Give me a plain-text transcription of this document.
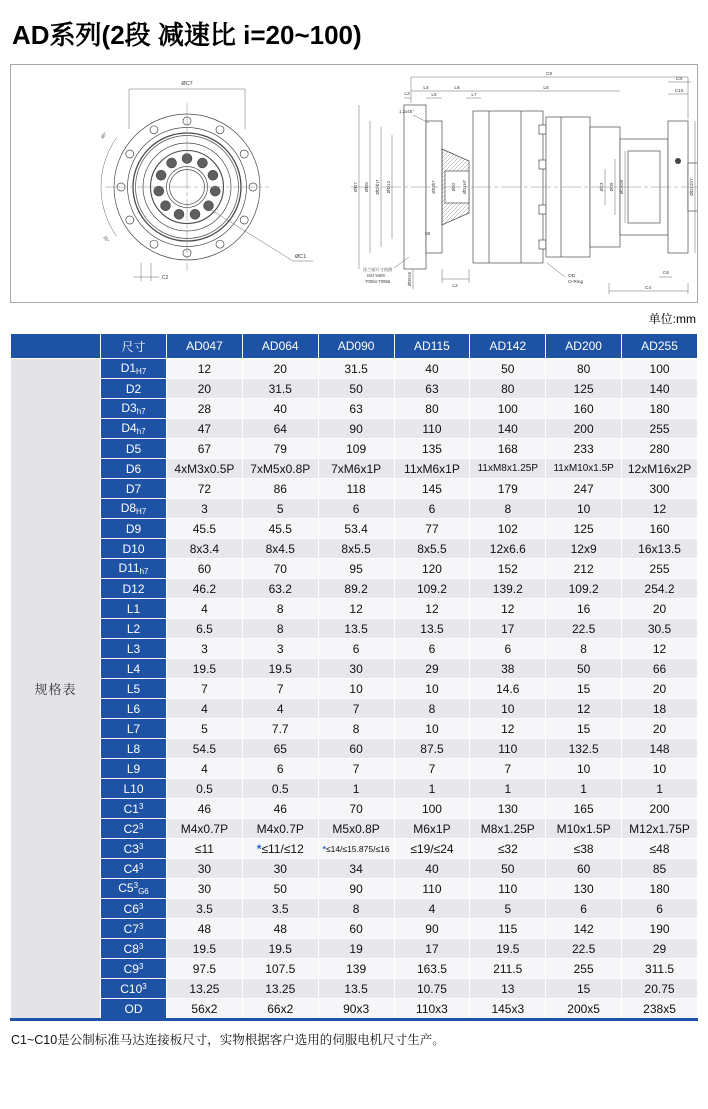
AD系列(2段 减速比 i=20~100)
ØC7
45°
15°
C2
ØC1
C9
L4	L6	L8
C8
C10
L3	L5	L7
1.2x45°
ØD7 ØD5 ØD4h7 ØD12	ØD3h7	ØD2 ØD1H7
D8
ØC3 ØD9 ØC5G6	ØD11h7
ØD5G6
L2
OD
O-Ring
C6
C4
法兰面尺寸依照
ISO 9409
T0054-T0955
单位:mm
	尺寸	AD047	AD064	AD090	AD115	AD142	AD200	AD255
规格表	$D1_{H7}$	12	20	31.5	40	50	80	100
	D2	20	31.5	50	63	80	125	140
	$D3_{h7}$	28	40	63	80	100	160	180
	$D4_{h7}$	47	64	90	110	140	200	255
	D5	67	79	109	135	168	233	280
	D6	4xM3x0.5P	7xM5x0.8P	7xM6x1P	11xM6x1P	11xM8x1.25P	11xM10x1.5P	12xM16x2P
	D7	72	86	118	145	179	247	300
	$D8_{H7}$	3	5	6	6	8	10	12
	D9	45.5	45.5	53.4	77	102	125	160
	D10	8x3.4	8x4.5	8x5.5	8x5.5	12x6.6	12x9	16x13.5
	$D11_{h7}$	60	70	95	120	152	212	255
	D12	46.2	63.2	89.2	109.2	139.2	109.2	254.2
	L1	4	8	12	12	12	16	20
	L2	6.5	8	13.5	13.5	17	22.5	30.5
	L3	3	3	6	6	6	8	12
	L4	19.5	19.5	30	29	38	50	66
	L5	7	7	10	10	14.6	15	20
	L6	4	4	7	8	10	12	18
	L7	5	7.7	8	10	12	15	20
	L8	54.5	65	60	87.5	110	132.5	148
	L9	4	6	7	7	7	10	10
	L10	0.5	0.5	1	1	1	1	1
	$C1^3$	46	46	70	100	130	165	200
	$C2^3$	M4x0.7P	M4x0.7P	M5x0.8P	M6x1P	M8x1.25P	M10x1.5P	M12x1.75P
	$C3^3$	≤11	*≤11/≤12	*≤14/≤15.875/≤16	≤19/≤24	≤32	≤38	≤48
	$C4^3$	30	30	34	40	50	60	85
	$C5^3_{G6}$	30	50	90	110	110	130	180
	$C6^3$	3.5	3.5	8	4	5	6	6
	$C7^3$	48	48	60	90	115	142	190
	$C8^3$	19.5	19.5	19	17	19.5	22.5	29
	$C9^3$	97.5	107.5	139	163.5	211.5	255	311.5
	$C10^3$	13.25	13.25	13.5	10.75	13	15	20.75
	OD	56x2	66x2	90x3	110x3	145x3	200x5	238x5
C1~C10是公制标准马达连接板尺寸，实物根据客户选用的伺服电机尺寸生产。
